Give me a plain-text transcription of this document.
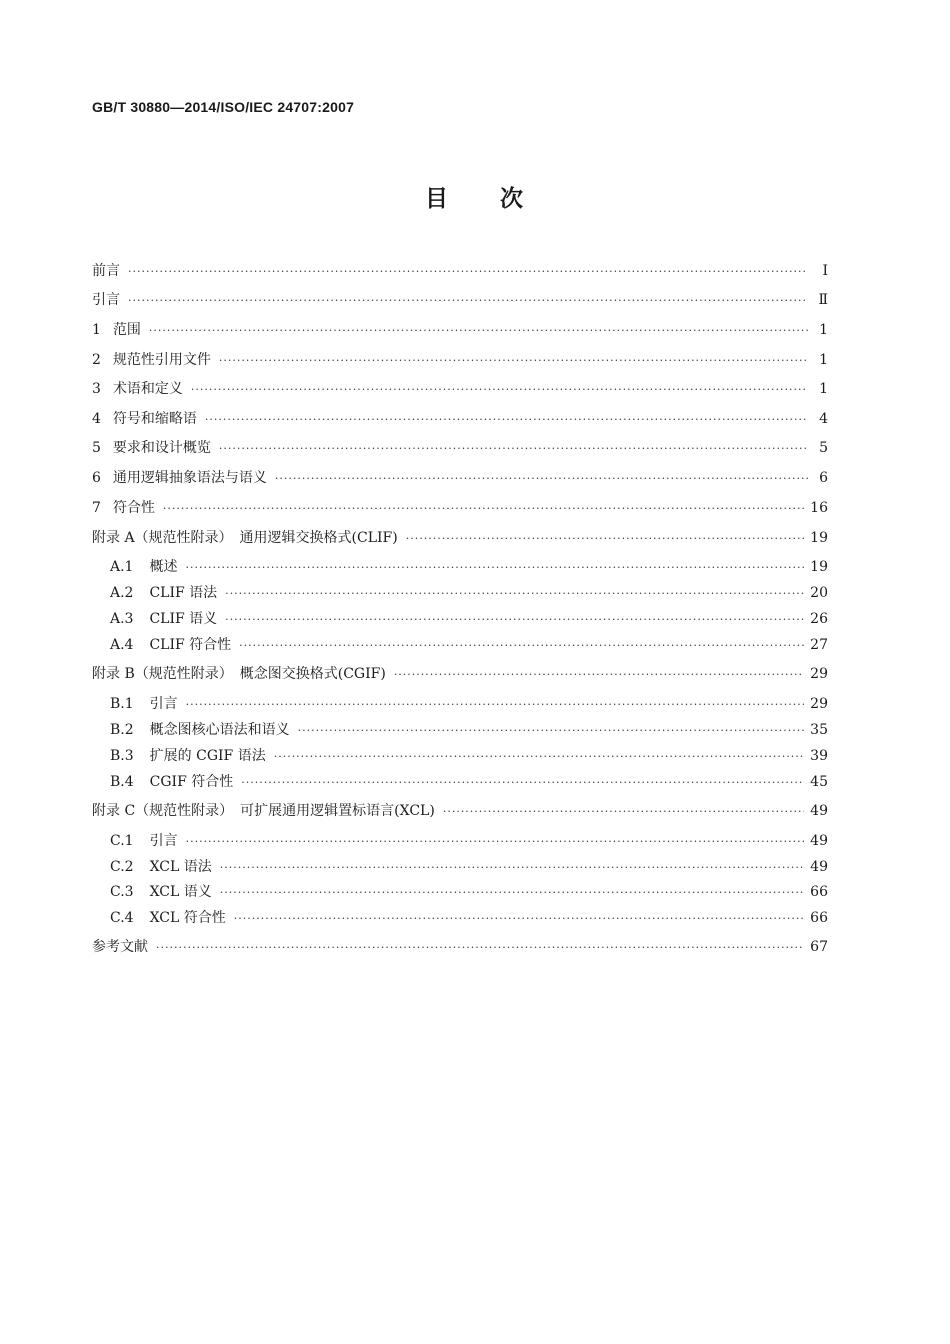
GB/T 30880—2014/ISO/IEC 24707:2007
目 次
前言 ·····	Ⅰ
引言 ·····	Ⅱ
1 范围 ·····	1
2 规范性引用文件 ·····	1
3 术语和定义 ·····	1
4 符号和缩略语 ·····	4
5 要求和设计概览 ·····	5
6 通用逻辑抽象语法与语义 ·····	6
7 符合性 ·····	16
附录 A（规范性附录）　通用逻辑交换格式(CLIF) ·····	19
A.1 概述 ·····	19
A.2 CLIF 语法 ·····	20
A.3 CLIF 语义 ·····	26
A.4 CLIF 符合性 ·····	27
附录 B（规范性附录）　概念图交换格式(CGIF) ·····	29
B.1 引言 ·····	29
B.2 概念图核心语法和语义 ·····	35
B.3 扩展的 CGIF 语法 ·····	39
B.4 CGIF 符合性 ·····	45
附录 C（规范性附录）　可扩展通用逻辑置标语言(XCL) ·····	49
C.1 引言 ·····	49
C.2 XCL 语法 ·····	49
C.3 XCL 语义 ·····	66
C.4 XCL 符合性 ·····	66
参考文献 ·····	67
